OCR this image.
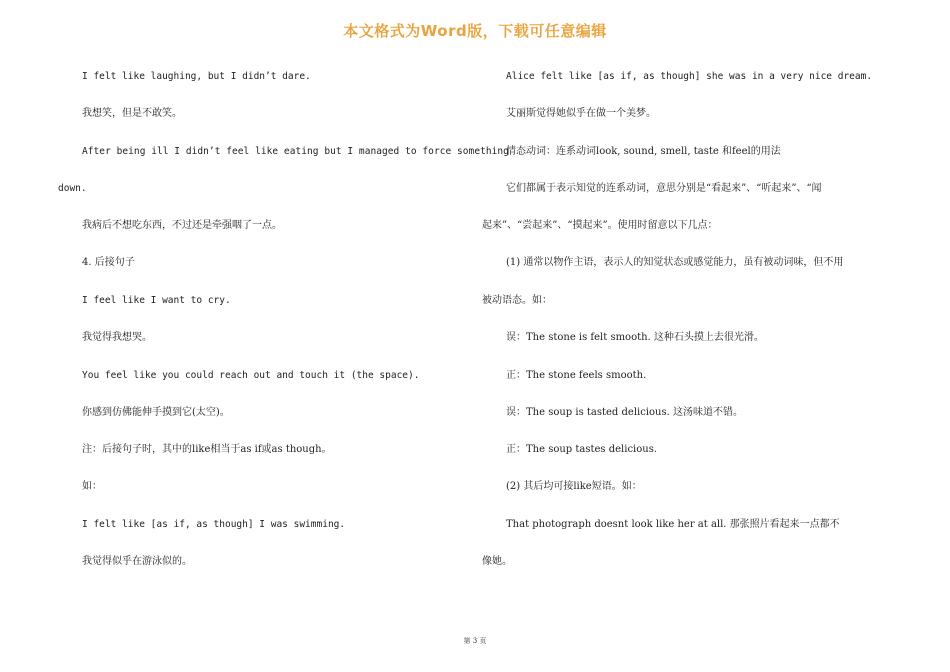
本文格式为Word版，下载可任意编辑
I felt like laughing, but I didn’t dare.
我想笑，但是不敢笑。
After being ill I didn’t feel like eating but I managed to force something
down.
我病后不想吃东西，不过还是牵强咽了一点。
4. 后接句子
I feel like I want to cry.
我觉得我想哭。
You feel like you could reach out and touch it (the space).
你感到仿佛能伸手摸到它(太空)。
注：后接句子时，其中的like相当于as if或as though。
如：
I felt like [as if, as though] I was swimming.
我觉得似乎在游泳似的。
Alice felt like [as if, as though] she was in a very nice dream.
艾丽斯觉得她似乎在做一个美梦。
情态动词：连系动词look, sound, smell, taste 和feel的用法
它们都属于表示知觉的连系动词，意思分别是“看起来”、“听起来”、“闻
起来”、“尝起来”、“摸起来”。使用时留意以下几点：
(1) 通常以物作主语，表示人的知觉状态或感觉能力，虽有被动词味，但不用
被动语态。如：
误：The stone is felt smooth. 这种石头摸上去很光滑。
正：The stone feels smooth.
误：The soup is tasted delicious. 这汤味道不错。
正：The soup tastes delicious.
(2) 其后均可接like短语。如：
That photograph doesnt look like her at all. 那张照片看起来一点都不
像她。
第 3 页
